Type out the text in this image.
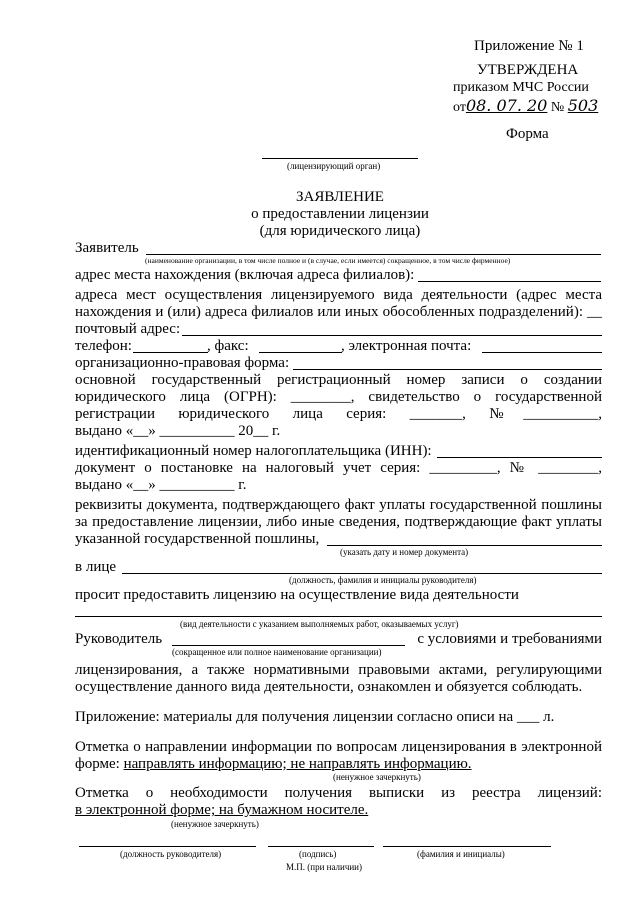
Приложение № 1
УТВЕРЖДЕНА
приказом МЧС России
от08. 07. 20 № 503
Форма
(лицензирующий орган)
ЗАЯВЛЕНИЕ
о предоставлении лицензии
(для юридического лица)
Заявитель
(наименование организации, в том числе полное и (в случае, если имеется) сокращенное, в том числе фирменное)
адрес места нахождения (включая адреса филиалов):
адреса мест осуществления лицензируемого вида деятельности (адрес места
нахождения и (или) адреса филиалов или иных обособленных подразделений): __
почтовый адрес:
телефон:	, факс:	, электронная почта:
организационно-правовая форма:
основной государственный регистрационный номер записи о создании
юридического лица (ОГРН): ________, свидетельство о государственной
регистрации юридического лица серия: _______, №__________,
выдано «__» __________ 20__ г.
идентификационный номер налогоплательщика (ИНН):
документ о постановке на налоговый учет серия: _________, № ________,
выдано «__» __________ г.
реквизиты документа, подтверждающего факт уплаты государственной пошлины
за предоставление лицензии, либо иные сведения, подтверждающие факт уплаты
указанной государственной пошлины,
(указать дату и номер документа)
в лице
(должность, фамилия и инициалы руководителя)
просит предоставить лицензию на осуществление вида деятельности
(вид деятельности с указанием выполняемых работ, оказываемых услуг)
Руководитель	с условиями и требованиями
(сокращенное или полное наименование организации)
лицензирования, а также нормативными правовыми актами, регулирующими
осуществление данного вида деятельности, ознакомлен и обязуется соблюдать.
Приложение: материалы для получения лицензии согласно описи на ___ л.
Отметка о направлении информации по вопросам лицензирования в электронной
форме: направлять информацию; не направлять информацию.
(ненужное зачеркнуть)
Отметка о необходимости получения выписки из реестра лицензий:
в электронной форме; на бумажном носителе.
(ненужное зачеркнуть)
(должность руководителя)	(подпись)	(фамилия и инициалы)
М.П. (при наличии)
